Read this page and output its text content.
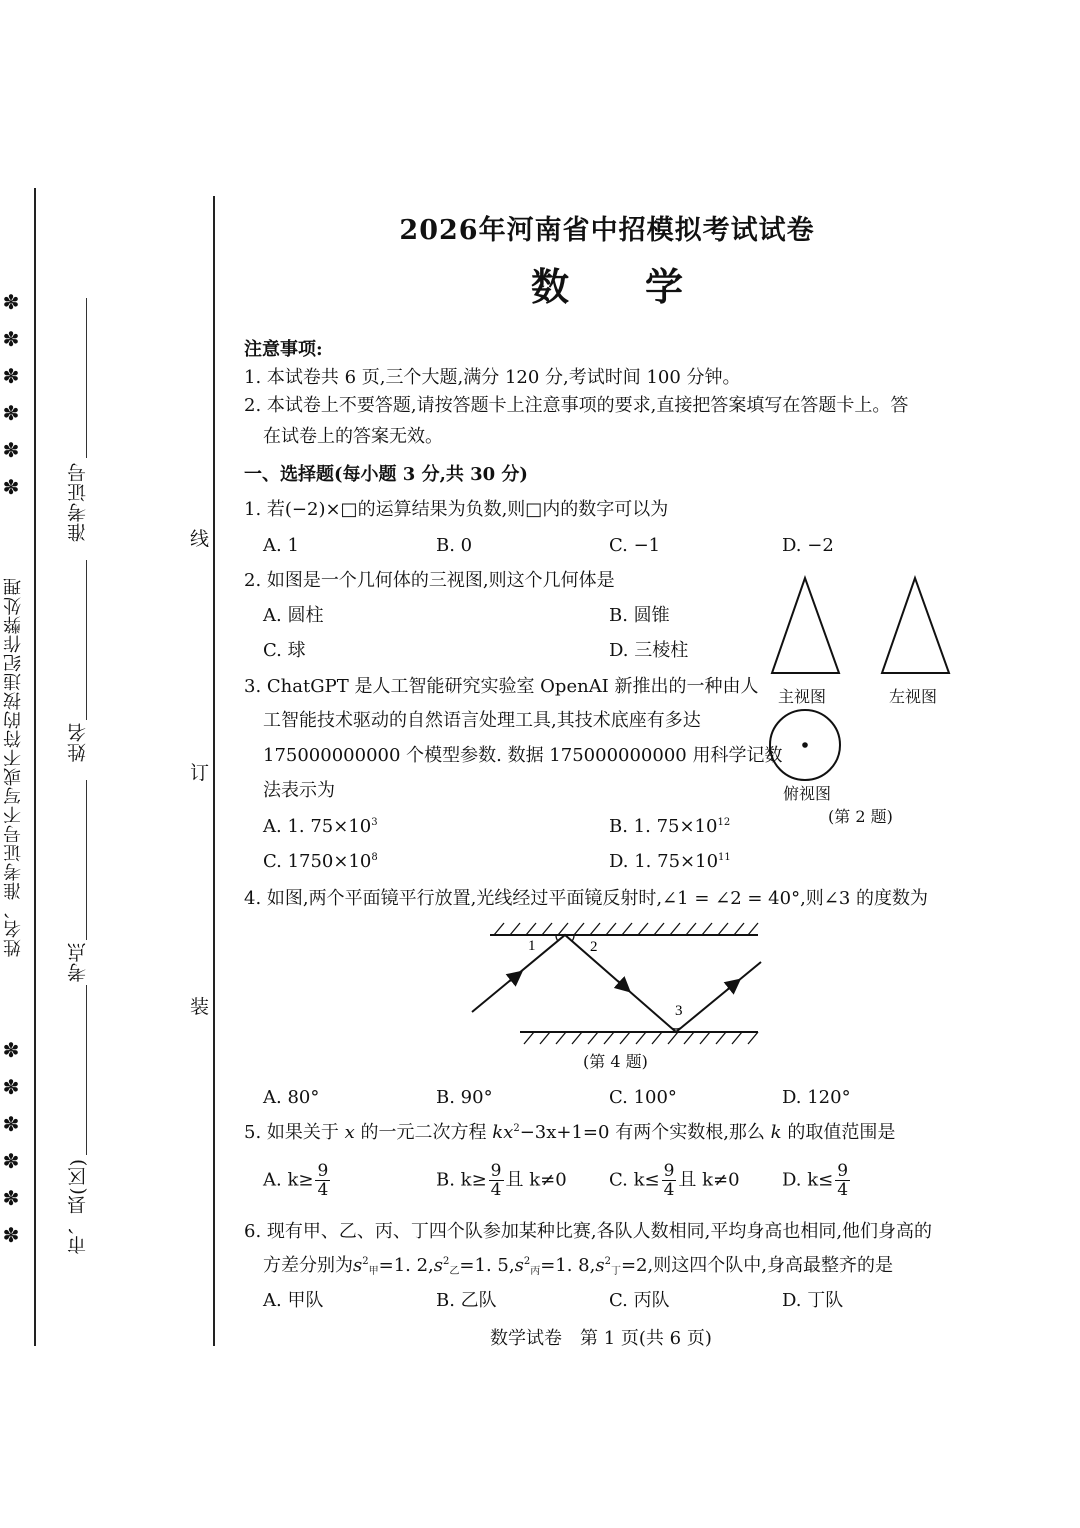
✽
✽
✽
✽
✽
✽
姓名、准考证号不写或不符的按违纪作弊处理
✽
✽
✽
✽
✽
✽
准考证号
姓名
考点
市、县(区)
线
订
装
2026年河南省中招模拟考试试卷
数　　学
注意事项:
1. 本试卷共 6 页,三个大题,满分 120 分,考试时间 100 分钟。
2. 本试卷上不要答题,请按答题卡上注意事项的要求,直接把答案填写在答题卡上。答
在试卷上的答案无效。
一、选择题(每小题 3 分,共 30 分)
1. 若(−2)×□的运算结果为负数,则□内的数字可以为
A. 1	B. 0	C. −1	D. −2
2. 如图是一个几何体的三视图,则这个几何体是
A. 圆柱	B. 圆锥
C. 球	D. 三棱柱
主视图	左视图
俯视图
(第 2 题)
3. ChatGPT 是人工智能研究实验室 OpenAI 新推出的一种由人
工智能技术驱动的自然语言处理工具,其技术底座有多达
175000000000 个模型参数. 数据 175000000000 用科学记数
法表示为
A. 1. $75\times 10^3$	B. 1. $75\times 10^{12}$
C. $1750\times 10^8$	D. 1. $75\times 10^{11}$
4. 如图,两个平面镜平行放置,光线经过平面镜反射时,∠1 = ∠2 = 40°,则∠3 的度数为
1	2
3
(第 4 题)
A. 80°	B. 90°	C. 100°	D. 120°
5. 如果关于 x 的一元二次方程 $kx^2-3x+1=0$ 有两个实数根,那么 k 的取值范围是
A. $k\ge \frac{9}{4}$	B. $k\ge \frac{9}{4}$ 且 k≠0 C. $k\le \frac{9}{4}$ 且 k≠0 D. $k\le \frac{9}{4}$
6. 现有甲、乙、丙、丁四个队参加某种比赛,各队人数相同,平均身高也相同,他们身高的
方差分别为$s^2_甲=1$. $2,s^2_乙=1$. $5,s^2_丙=1$. $8,s^2_丁=2$,则这四个队中,身高最整齐的是
A. 甲队	B. 乙队	C. 丙队	D. 丁队
数学试卷　第 1 页(共 6 页)
